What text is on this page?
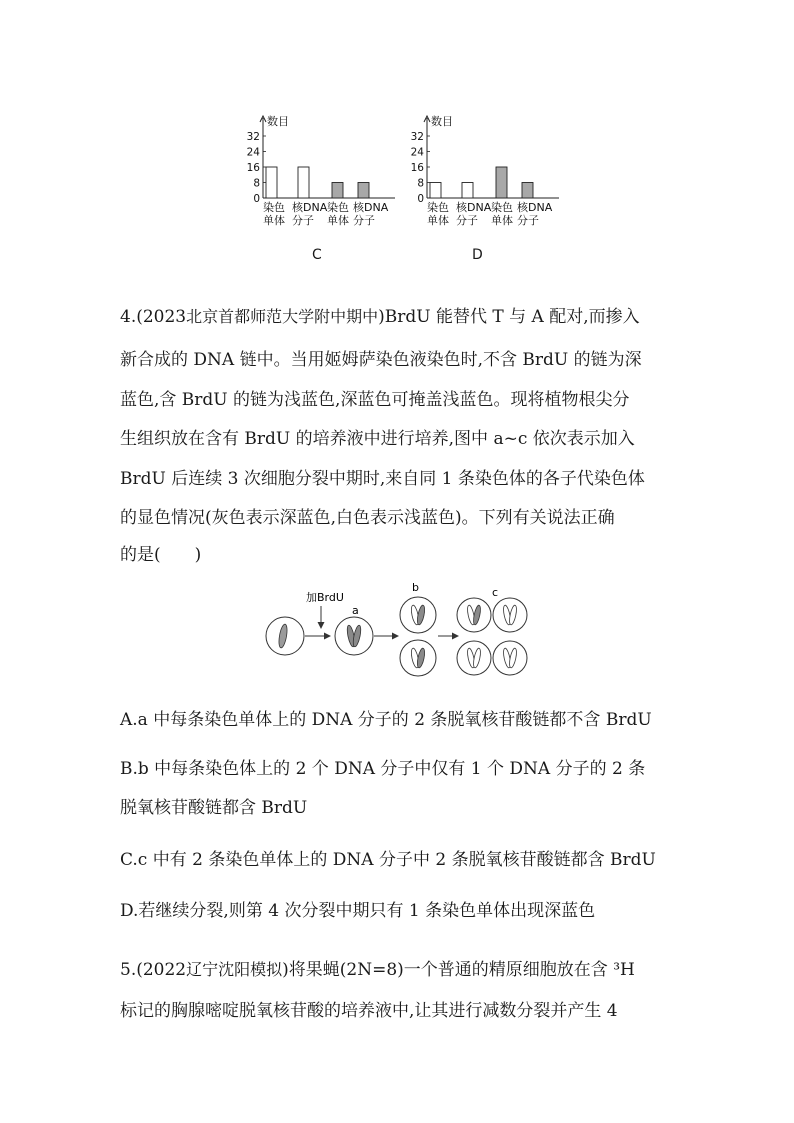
数目
0
8
16
24
32
染色 核DNA 染色 核DNA
单体 分子 单体 分子
C
数目
0
8
16
24
32
染色 核DNA 染色 核DNA
单体 分子 单体 分子
D
4.(2023北京首都师范大学附中期中)BrdU 能替代 T 与 A 配对,而掺入
新合成的 DNA 链中。当用姬姆萨染色液染色时,不含 BrdU 的链为深
蓝色,含 BrdU 的链为浅蓝色,深蓝色可掩盖浅蓝色。现将植物根尖分
生组织放在含有 BrdU 的培养液中进行培养,图中 a~c 依次表示加入
BrdU 后连续 3 次细胞分裂中期时,来自同 1 条染色体的各子代染色体
的显色情况(灰色表示深蓝色,白色表示浅蓝色)。下列有关说法正确
的是(　　)
加BrdU
a
b	c
A.a 中每条染色单体上的 DNA 分子的 2 条脱氧核苷酸链都不含 BrdU
B.b 中每条染色体上的 2 个 DNA 分子中仅有 1 个 DNA 分子的 2 条
脱氧核苷酸链都含 BrdU
C.c 中有 2 条染色单体上的 DNA 分子中 2 条脱氧核苷酸链都含 BrdU
D.若继续分裂,则第 4 次分裂中期只有 1 条染色单体出现深蓝色
5.(2022辽宁沈阳模拟)将果蝇(2N=8)一个普通的精原细胞放在含 ³H
标记的胸腺嘧啶脱氧核苷酸的培养液中,让其进行减数分裂并产生 4
